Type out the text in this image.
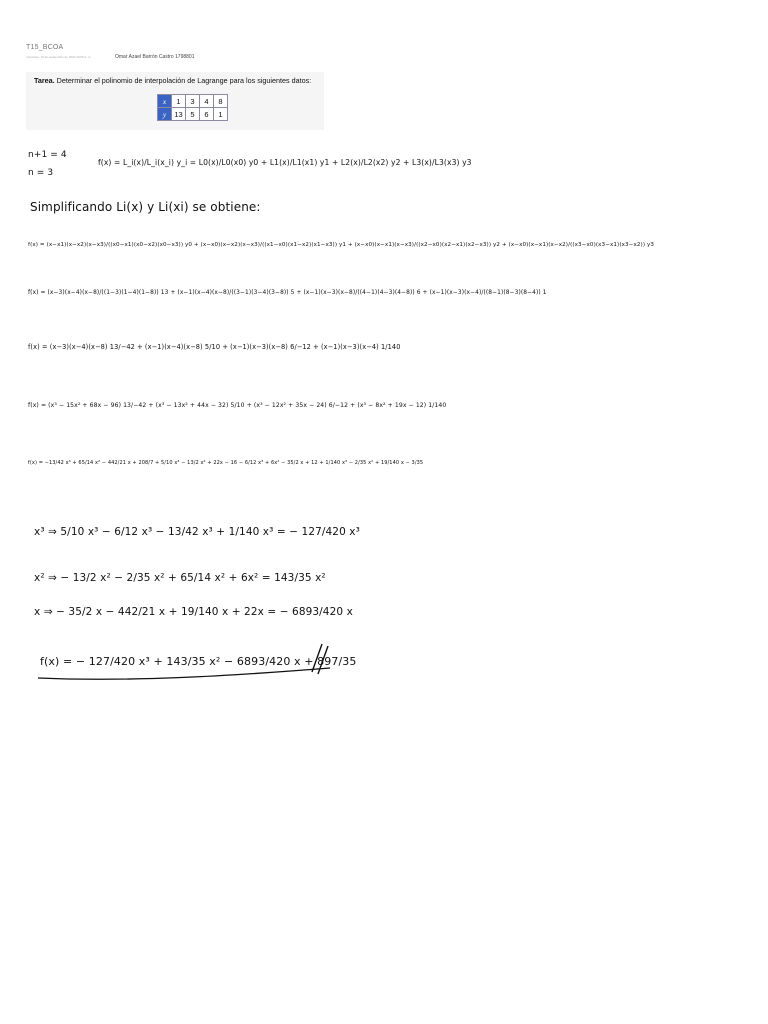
T15_BCOA
miércoles, 16 de septiembre de 2020 10:05 a. m.	Omar Azael Barrón Castro 1798801
Tarea. Determinar el polinomio de interpolación de Lagrange para los siguientes datos:
x	1	3	4	8
y	13	5	6	1
n+1 = 4
n = 3
f(x) = L_i(x)/L_i(x_i) y_i = L0(x)/L0(x0) y0 + L1(x)/L1(x1) y1 + L2(x)/L2(x2) y2 + L3(x)/L3(x3) y3
Simplificando Li(x) y Li(xi) se obtiene:
f(x) = (x−x1)(x−x2)(x−x3)/((x0−x1)(x0−x2)(x0−x3)) y0 + (x−x0)(x−x2)(x−x3)/((x1−x0)(x1−x2)(x1−x3)) y1 + (x−x0)(x−x1)(x−x3)/((x2−x0)(x2−x1)(x2−x3)) y2 + (x−x0)(x−x1)(x−x2)/((x3−x0)(x3−x1)(x3−x2)) y3
f(x) = (x−3)(x−4)(x−8)/((1−3)(1−4)(1−8)) 13 + (x−1)(x−4)(x−8)/((3−1)(3−4)(3−8)) 5 + (x−1)(x−3)(x−8)/((4−1)(4−3)(4−8)) 6 + (x−1)(x−3)(x−4)/((8−1)(8−3)(8−4)) 1
f(x) = (x−3)(x−4)(x−8) 13/−42 + (x−1)(x−4)(x−8) 5/10 + (x−1)(x−3)(x−8) 6/−12 + (x−1)(x−3)(x−4) 1/140
f(x) = (x³ − 15x² + 68x − 96) 13/−42 + (x³ − 13x² + 44x − 32) 5/10 + (x³ − 12x² + 35x − 24) 6/−12 + (x³ − 8x² + 19x − 12) 1/140
f(x) = −13/42 x³ + 65/14 x² − 442/21 x + 208/7 + 5/10 x³ − 13/2 x² + 22x − 16 − 6/12 x³ + 6x² − 35/2 x + 12 + 1/140 x³ − 2/35 x² + 19/140 x − 3/35
x³ ⇒ 5/10 x³ − 6/12 x³ − 13/42 x³ + 1/140 x³ = − 127/420 x³
x² ⇒ − 13/2 x² − 2/35 x² + 65/14 x² + 6x² = 143/35 x²
x ⇒ − 35/2 x − 442/21 x + 19/140 x + 22x = − 6893/420 x
f(x) = − 127/420 x³ + 143/35 x² − 6893/420 x + 897/35
